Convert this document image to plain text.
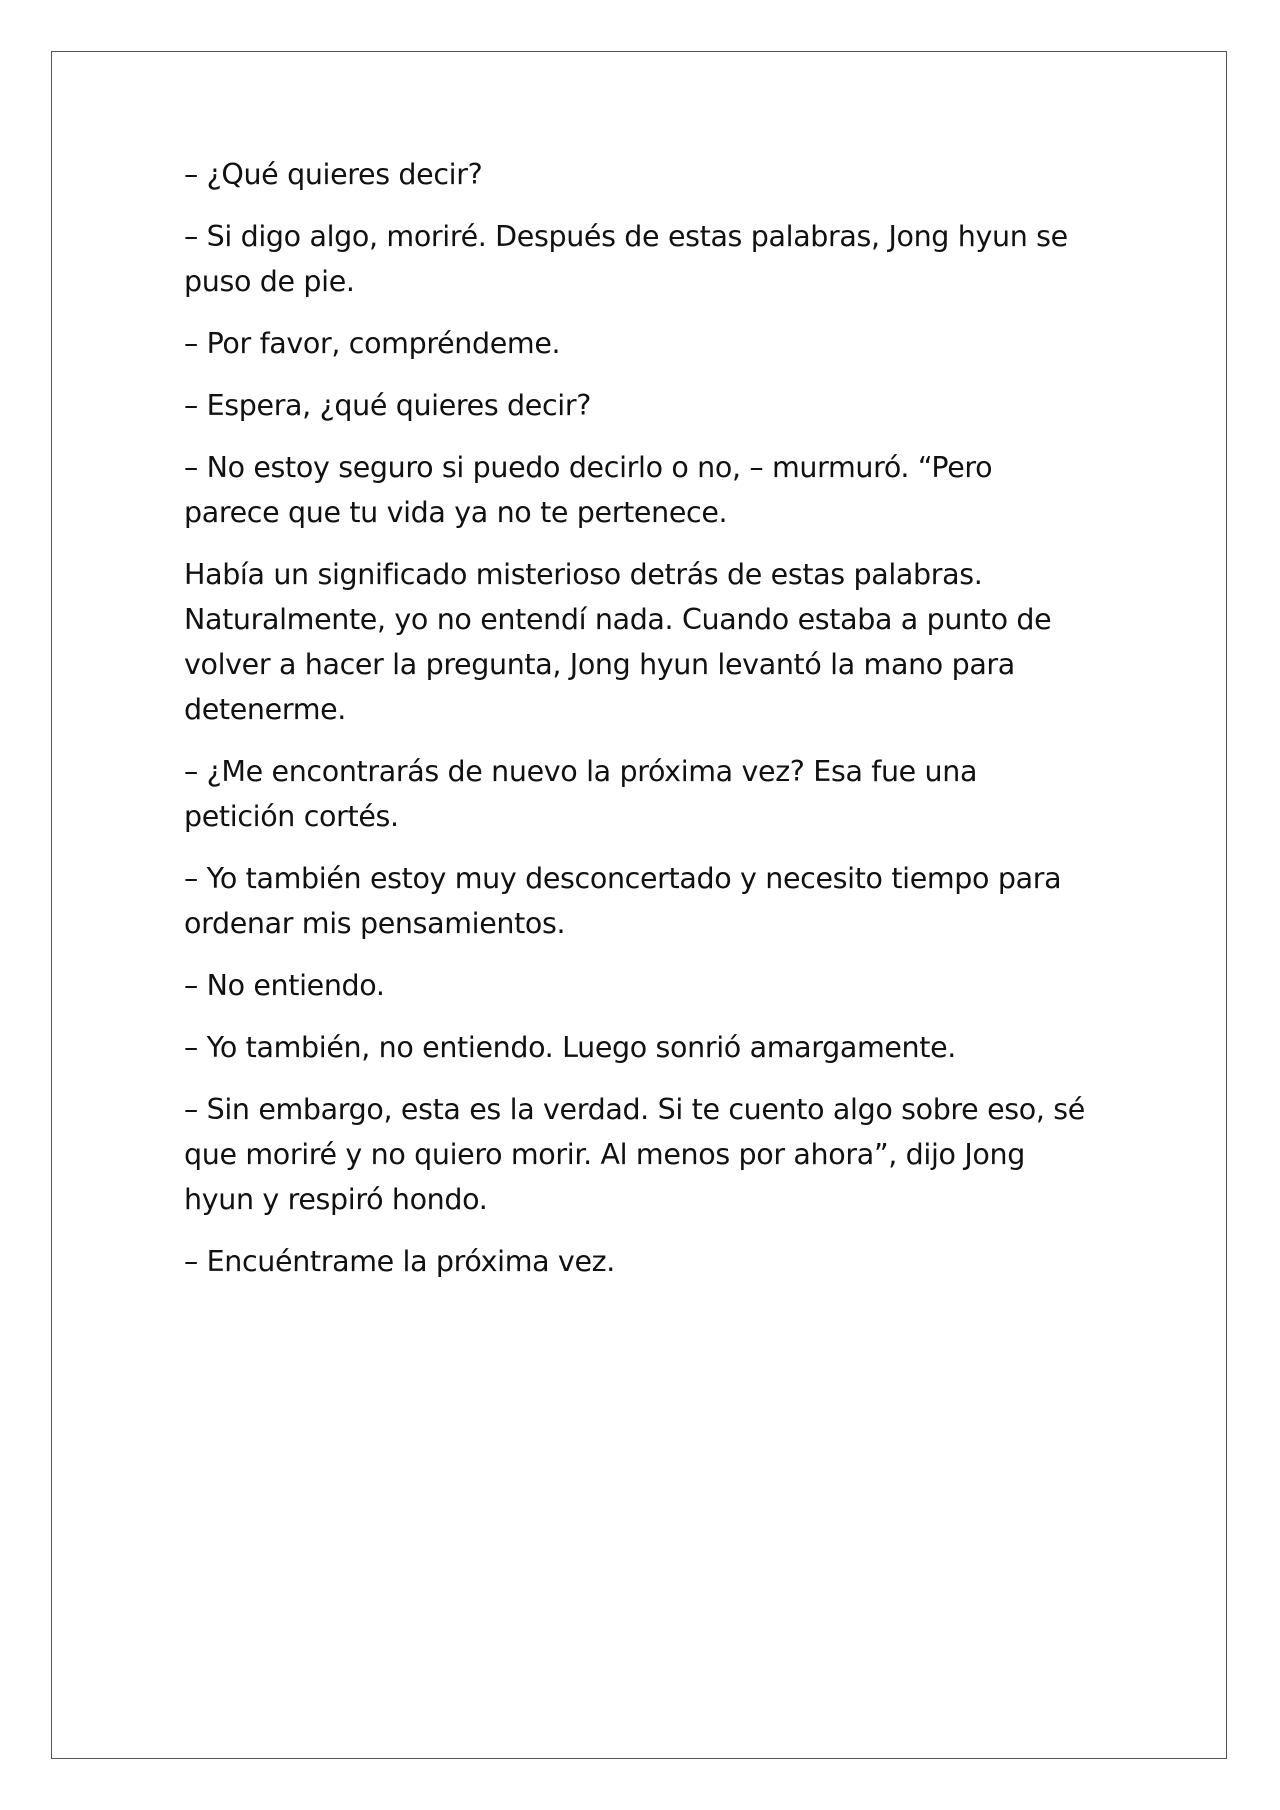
– ¿Qué quieres decir?

– Si digo algo, moriré. Después de estas palabras, Jong hyun se puso de pie.

– Por favor, compréndeme.

– Espera, ¿qué quieres decir?

– No estoy seguro si puedo decirlo o no, – murmuró. “Pero parece que tu vida ya no te pertenece.

Había un significado misterioso detrás de estas palabras. Naturalmente, yo no entendí nada. Cuando estaba a punto de volver a hacer la pregunta, Jong hyun levantó la mano para detenerme.

– ¿Me encontrarás de nuevo la próxima vez? Esa fue una petición cortés.

– Yo también estoy muy desconcertado y necesito tiempo para ordenar mis pensamientos.

– No entiendo.

– Yo también, no entiendo. Luego sonrió amargamente.

– Sin embargo, esta es la verdad. Si te cuento algo sobre eso, sé que moriré y no quiero morir. Al menos por ahora”, dijo Jong hyun y respiró hondo.

– Encuéntrame la próxima vez.
